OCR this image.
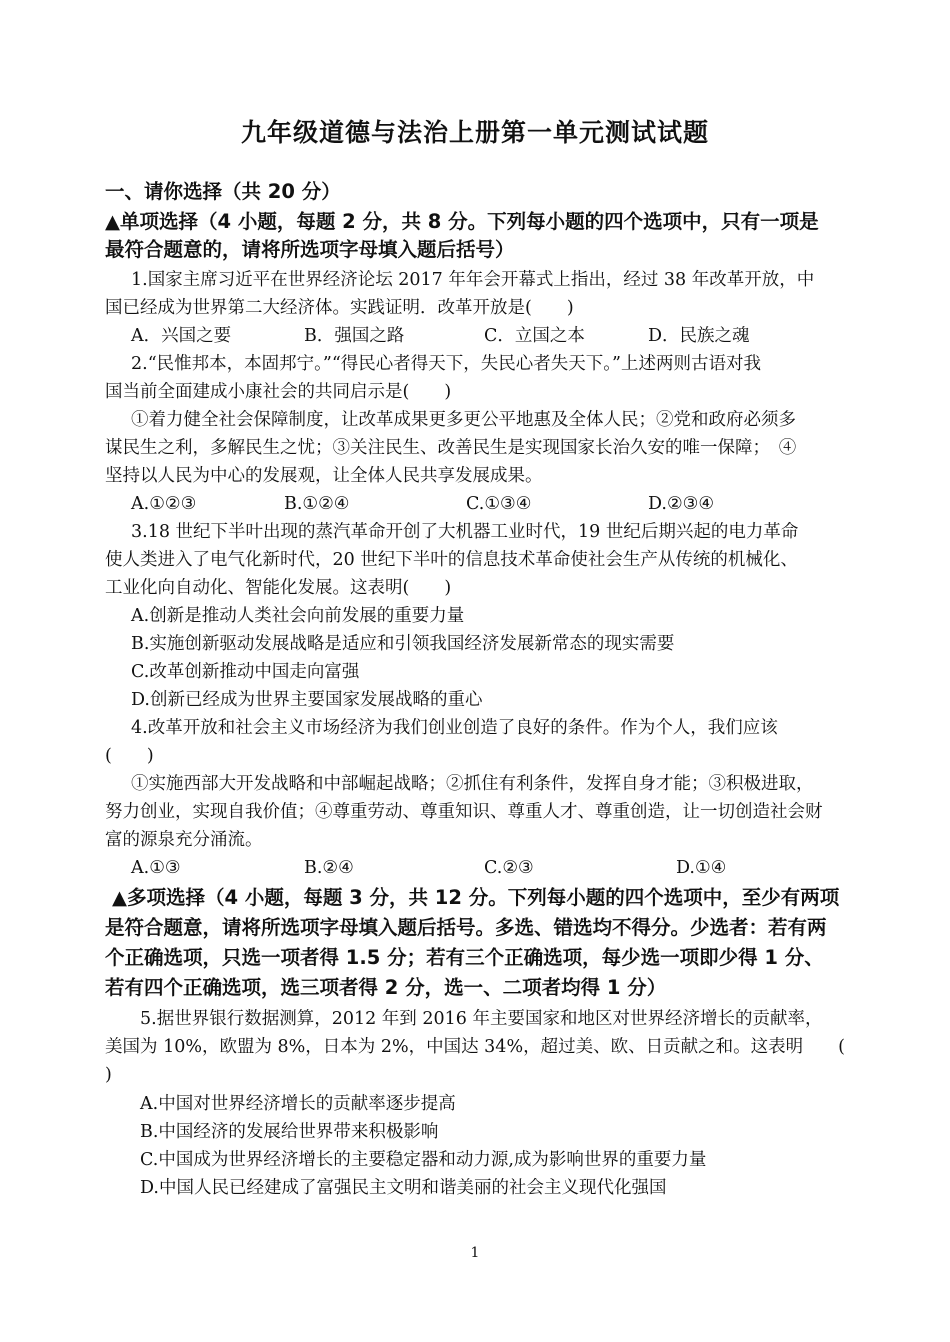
九年级道德与法治上册第一单元测试试题
一、请你选择（共 20 分）
▲单项选择（4 小题，每题 2 分，共 8 分。下列每小题的四个选项中，只有一项是
最符合题意的，请将所选项字母填入题后括号）
1.国家主席习近平在世界经济论坛 2017 年年会开幕式上指出，经过 38 年改革开放，中
国已经成为世界第二大经济体。实践证明．改革开放是(　　)
A．兴国之要	B．强国之路	C．立国之本	D．民族之魂
2.“民惟邦本，本固邦宁。”“得民心者得天下，失民心者失天下。”上述两则古语对我
国当前全面建成小康社会的共同启示是(　　)
①着力健全社会保障制度，让改革成果更多更公平地惠及全体人民；②党和政府必须多
谋民生之利，多解民生之忧；③关注民生、改善民生是实现国家长治久安的唯一保障；　④
坚持以人民为中心的发展观，让全体人民共享发展成果。
A.①②③	B.①②④	C.①③④	D.②③④
3.18 世纪下半叶出现的蒸汽革命开创了大机器工业时代，19 世纪后期兴起的电力革命
使人类进入了电气化新时代，20 世纪下半叶的信息技术革命使社会生产从传统的机械化、
工业化向自动化、智能化发展。这表明(　　)
A.创新是推动人类社会向前发展的重要力量
B.实施创新驱动发展战略是适应和引领我国经济发展新常态的现实需要
C.改革创新推动中国走向富强
D.创新已经成为世界主要国家发展战略的重心
4.改革开放和社会主义市场经济为我们创业创造了良好的条件。作为个人，我们应该
(　　)
①实施西部大开发战略和中部崛起战略；②抓住有利条件，发挥自身才能；③积极进取，
努力创业，实现自我价值；④尊重劳动、尊重知识、尊重人才、尊重创造，让一切创造社会财
富的源泉充分涌流。
A.①③	B.②④	C.②③	D.①④
▲多项选择（4 小题，每题 3 分，共 12 分。下列每小题的四个选项中，至少有两项
是符合题意，请将所选项字母填入题后括号。多选、错选均不得分。少选者：若有两
个正确选项，只选一项者得 1.5 分；若有三个正确选项，每少选一项即少得 1 分、
若有四个正确选项，选三项者得 2 分，选一、二项者均得 1 分）
5.据世界银行数据测算，2012 年到 2016 年主要国家和地区对世界经济增长的贡献率，
美国为 10%，欧盟为 8%，日本为 2%，中国达 34%，超过美、欧、日贡献之和。这表明　　(
)
A.中国对世界经济增长的贡献率逐步提高
B.中国经济的发展给世界带来积极影响
C.中国成为世界经济增长的主要稳定器和动力源,成为影响世界的重要力量
D.中国人民已经建成了富强民主文明和谐美丽的社会主义现代化强国
1
